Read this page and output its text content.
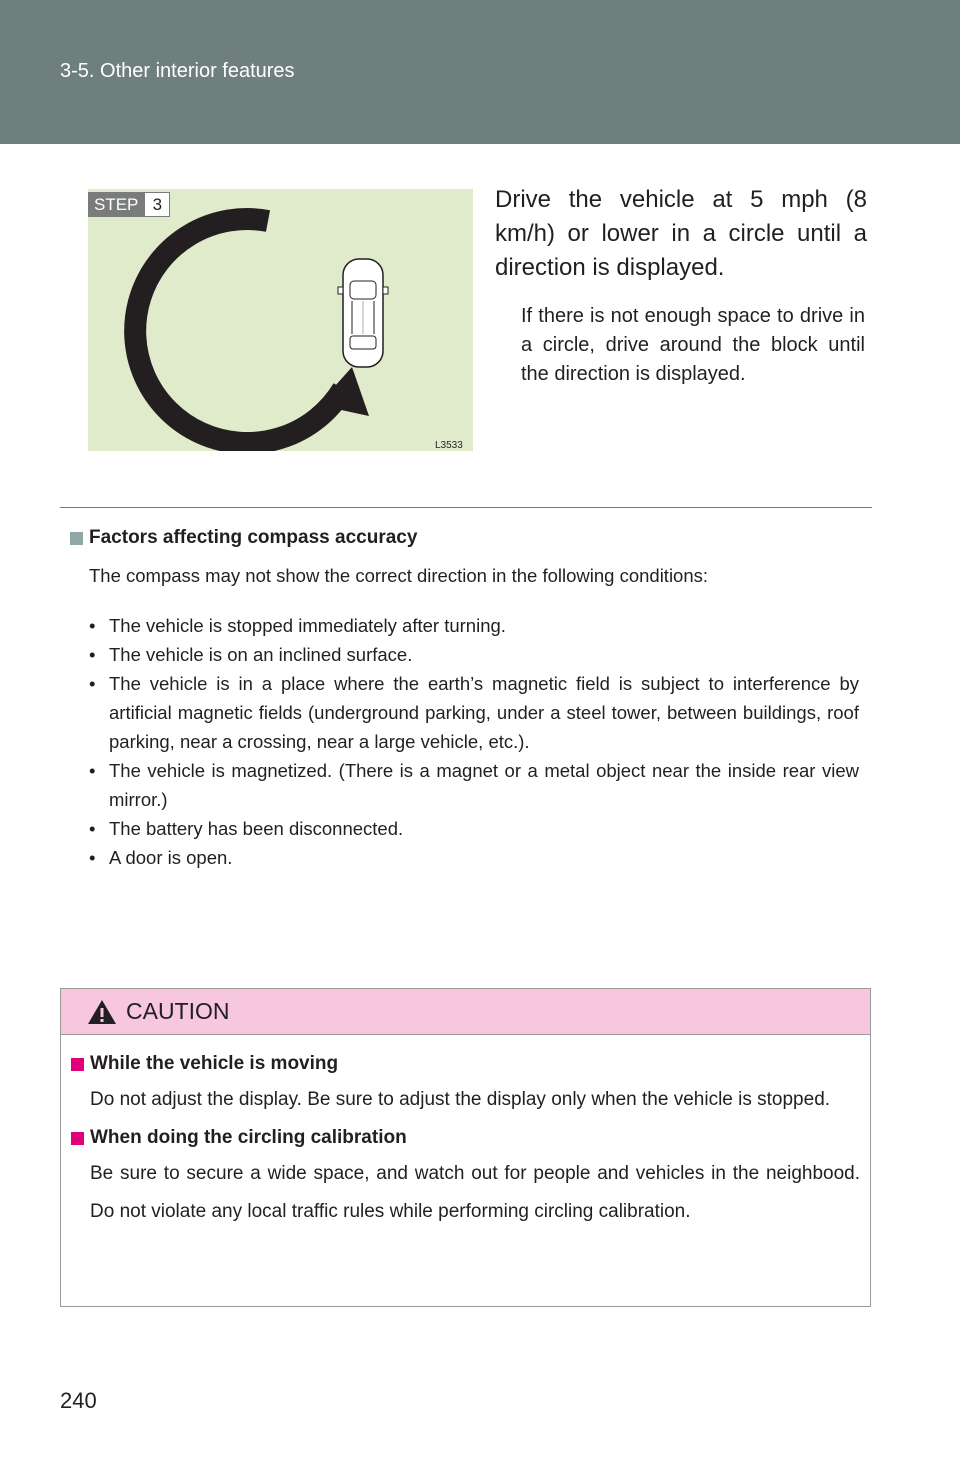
3-5. Other interior features
STEP 3
L3533
Drive the vehicle at 5 mph (8 km/h) or lower in a circle until a direction is displayed.
If there is not enough space to drive in a circle, drive around the block until the direction is displayed.
Factors affecting compass accuracy
The compass may not show the correct direction in the following conditions:
• The vehicle is stopped immediately after turning.
• The vehicle is on an inclined surface.
• The vehicle is in a place where the earth’s magnetic field is subject to interference by artificial magnetic fields (underground parking, under a steel tower, between buildings, roof parking, near a crossing, near a large vehicle, etc.).
• The vehicle is magnetized. (There is a magnet or a metal object near the inside rear view mirror.)
• The battery has been disconnected.
• A door is open.
CAUTION
While the vehicle is moving
Do not adjust the display. Be sure to adjust the display only when the vehicle is stopped.
When doing the circling calibration
Be sure to secure a wide space, and watch out for people and vehicles in the neighbood. Do not violate any local traffic rules while performing circling calibration.
240
